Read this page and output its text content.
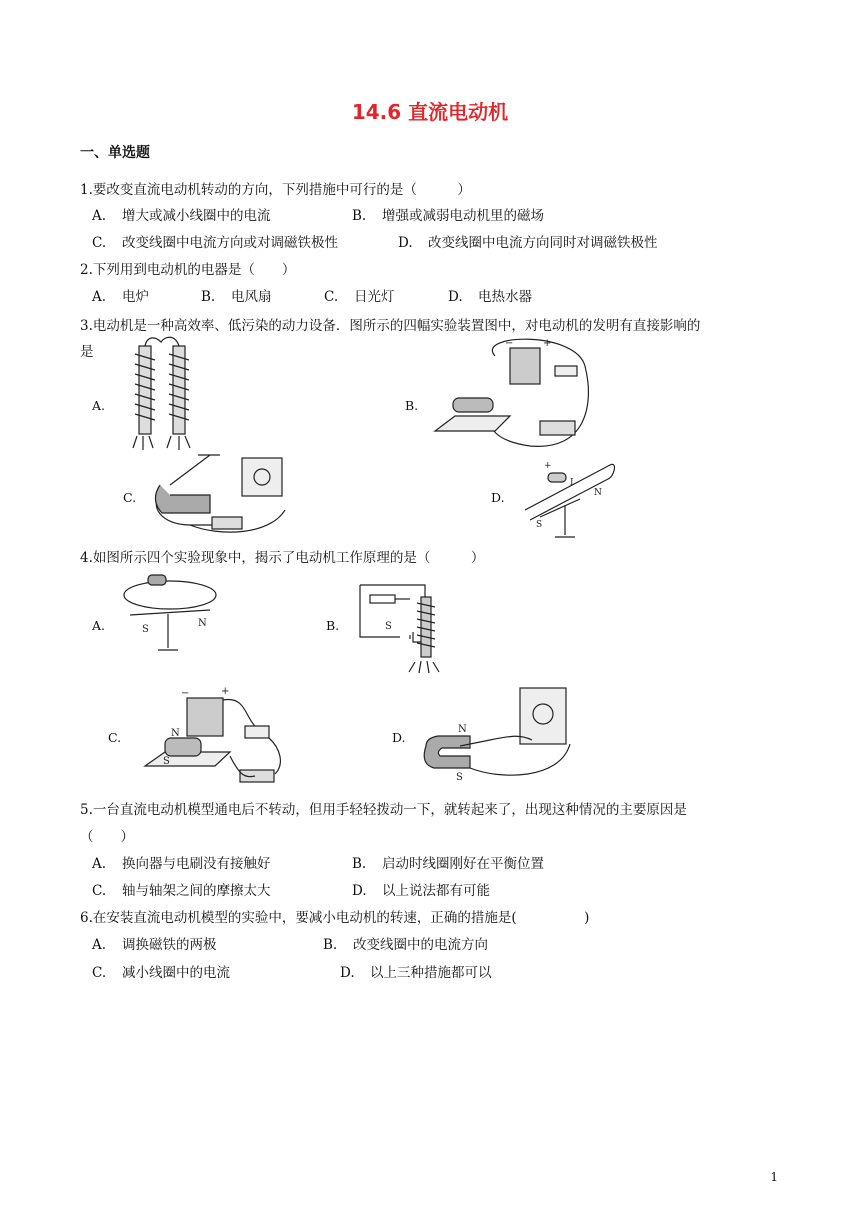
14.6 直流电动机
一、单选题
1.要改变直流电动机转动的方向，下列措施中可行的是（　　　）
A. 增大或减小线圈中的电流	B. 增强或减弱电动机里的磁场
C. 改变线圈中电流方向或对调磁铁极性	D. 改变线圈中电流方向同时对调磁铁极性
2.下列用到电动机的电器是（　　）
A. 电炉	B. 电风扇	C. 日光灯	D. 电热水器
3.电动机是一种高效率、低污染的动力设备．图所示的四幅实验装置图中，对电动机的发明有直接影响的
是
A.	B.
−	+
C.	D.
+
I
S
N
4.如图所示四个实验现象中，揭示了电动机工作原理的是（　　　）
A.	S
N	B.	S
C.
−	+
N
S
D.
N
S
5.一台直流电动机模型通电后不转动，但用手轻轻拨动一下，就转起来了，出现这种情况的主要原因是
（　　）
A. 换向器与电刷没有接触好	B. 启动时线圈刚好在平衡位置
C. 轴与轴架之间的摩擦太大	D. 以上说法都有可能
6.在安装直流电动机模型的实验中，要减小电动机的转速，正确的措施是(　　　　　)
A. 调换磁铁的两极	B. 改变线圈中的电流方向
C. 减小线圈中的电流	D. 以上三种措施都可以
1
